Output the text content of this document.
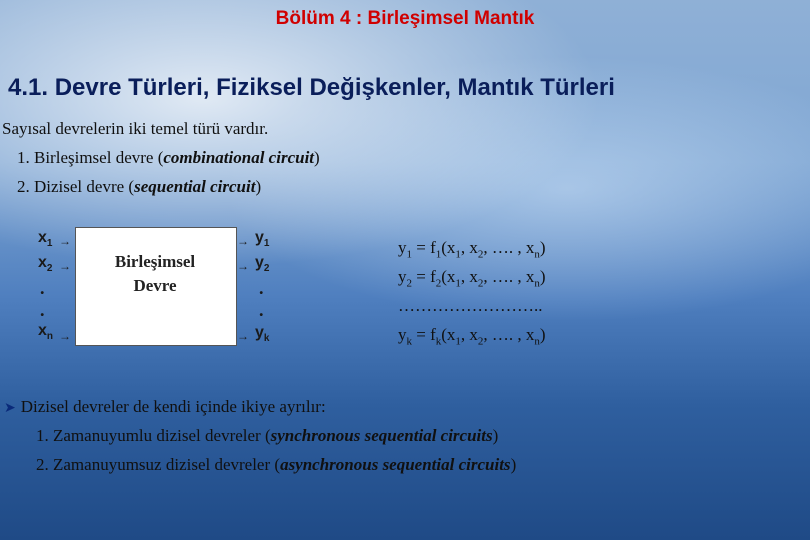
Bölüm 4 : Birleşimsel Mantık
4.1. Devre Türleri, Fiziksel Değişkenler, Mantık Türleri
Sayısal devrelerin iki temel türü vardır.
1. Birleşimsel devre (combinational circuit)
2. Dizisel devre (sequential circuit)
Birleşimsel
Devre
$x_1$ →
$x_2$ →
.
.
$x_n$ →
→ $y_1$
→ $y_2$
.
.
→ $y_k$
$y_1 = f_1(x_1$, $x_2$, …. , $x_n$)
$y_2 = f_2(x_1$, $x_2$, …. , $x_n$)
……………………..
$y_k = f_k(x_1$, $x_2$, …. , $x_n$)
➤ Dizisel devreler de kendi içinde ikiye ayrılır:
1. Zamanuyumlu dizisel devreler (synchronous sequential circuits)
2. Zamanuyumsuz dizisel devreler (asynchronous sequential circuits)
